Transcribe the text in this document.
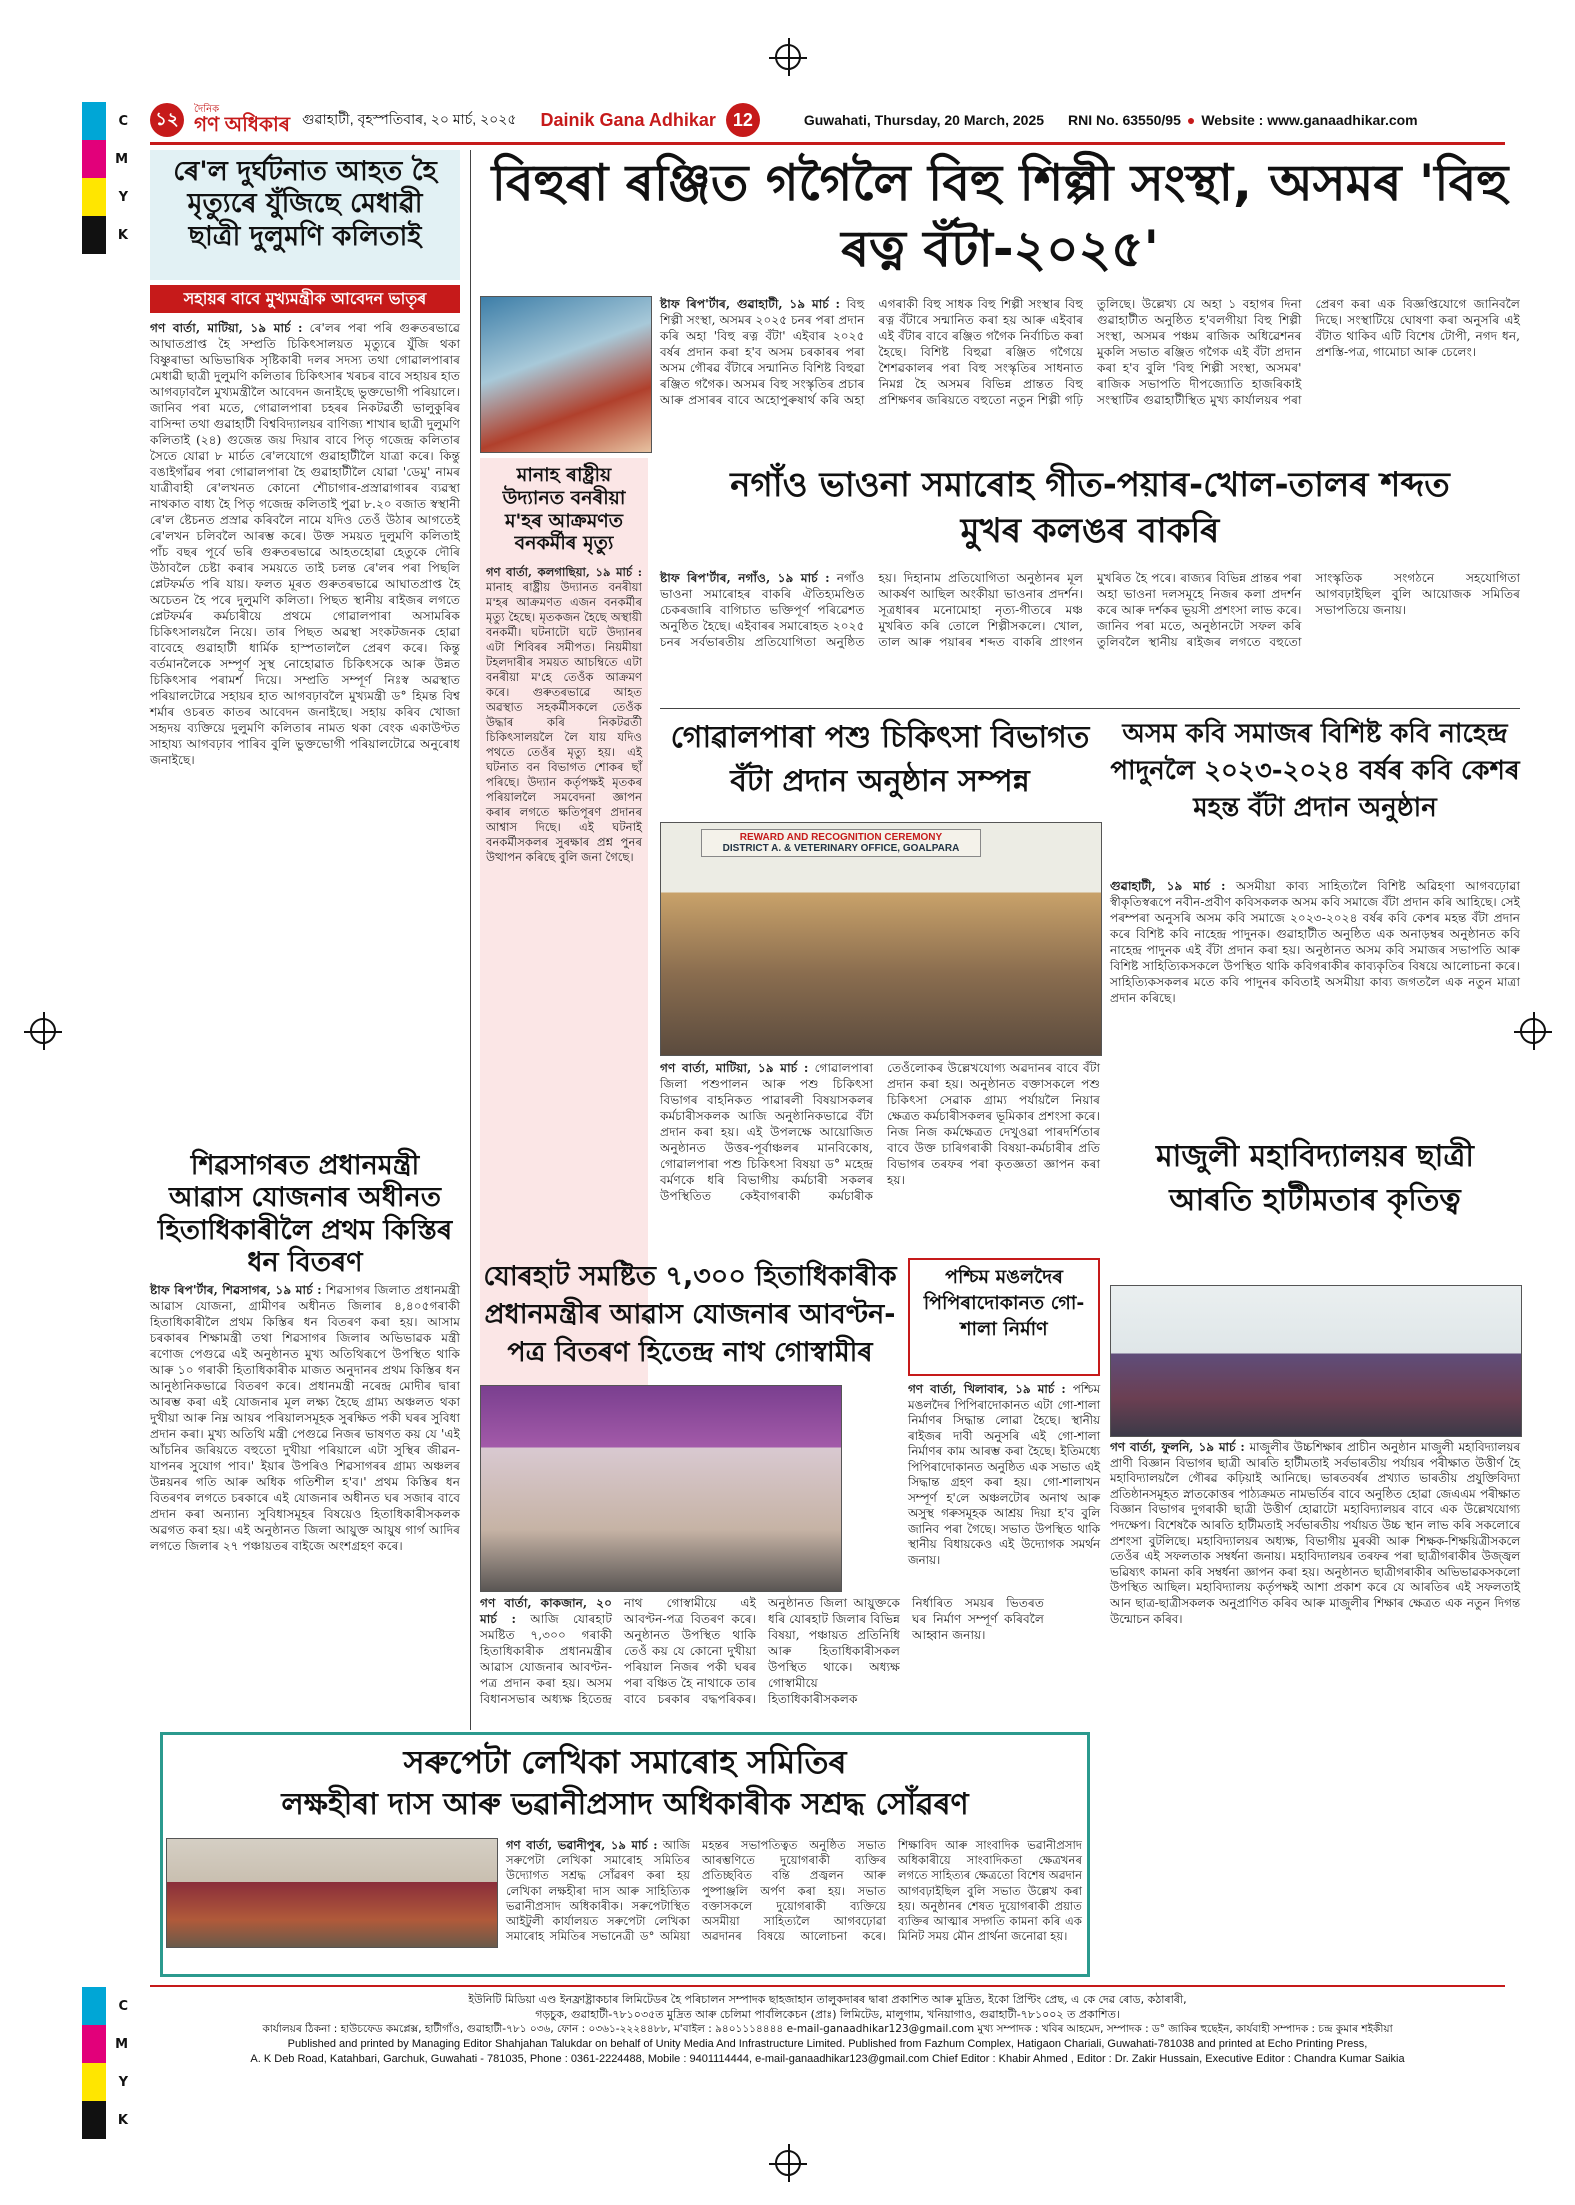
C
M
Y
K
C
M
Y
K
১২	দৈনিক
গণ অধিকাৰ গুৱাহাটী, বৃহস্পতিবাৰ, ২০ মাৰ্চ, ২০২৫ Dainik Gana Adhikar 12	Guwahati, Thursday, 20 March, 2025 RNI No. 63550/95 ● Website : www.ganaadhikar.com
ৰে'ল দুৰ্ঘটনাত আহত হৈ মৃত্যুৰে যুঁজিছে মেধাৱী ছাত্ৰী দুলুমণি কলিতাই
সহায়ৰ বাবে মুখ্যমন্ত্ৰীক আবেদন ভাতৃৰ
গণ বাৰ্তা, মাটিয়া, ১৯ মাৰ্চ : ৰে'লৰ পৰা পৰি গুৰুতৰভাৱে আঘাতপ্ৰাপ্ত হৈ সম্প্ৰতি চিকিৎসালয়ত মৃত্যুৰে যুঁজি থকা বিষ্ণুৰাভা অভিভাষিক সৃষ্টিকাৰী দলৰ সদস্য তথা গোৱালপাৰাৰ মেধাৱী ছাত্ৰী দুলুমণি কলিতাৰ চিকিৎসাৰ খৰচৰ বাবে সহায়ৰ হাত আগবঢ়াবলৈ মুখ্যমন্ত্ৰীলৈ আবেদন জনাইছে ভুক্তভোগী পৰিয়ালে। জানিব পৰা মতে, গোৱালপাৰা চহৰৰ নিকটৱৰ্তী ভালুকুৰিৰ বাসিন্দা তথা গুৱাহাটী বিশ্ববিদ্যালয়ৰ বাণিজ্য শাখাৰ ছাত্ৰী দুলুমণি কলিতাই (২৪) গুজেন্ত জয় দিয়াৰ বাবে পিতৃ গজেন্দ্ৰ কলিতাৰ সৈতে যোৱা ৮ মাৰ্চত ৰে'লযোগে গুৱাহাটীলৈ যাত্ৰা কৰে। কিন্তু বঙাইগাঁৱৰ পৰা গোৱালপাৰা হৈ গুৱাহাটীলৈ যোৱা 'ডেমু' নামৰ যাত্ৰীবাহী ৰে'লখনত কোনো শৌচাগাৰ-প্ৰস্ৰাৱাগাৰৰ ব্যৱস্থা নাথকাত বাধ্য হৈ পিতৃ গজেন্দ্ৰ কলিতাই পুৱা ৮.২০ বজাত স্বস্থানী ৰে'ল ষ্টেচনত প্ৰস্ৰাৱ কৰিবলৈ নামে যদিও তেওঁ উঠাৰ আগতেই ৰে'লখন চলিবলৈ আৰম্ভ কৰে। উক্ত সময়ত দুলুমণি কলিতাই পাঁচ বছৰ পূৰ্বে ভৰি গুৰুতৰভাৱে আহতহোৱা হেতুকে দৌৰি উঠাবলৈ চেষ্টা কৰাৰ সময়তে তাই চলন্ত ৰে'লৰ পৰা পিছলি প্লেটফৰ্মত পৰি যায়। ফলত মূৰত গুৰুতৰভাৱে আঘাতপ্ৰাপ্ত হৈ অচেতন হৈ পৰে দুলুমণি কলিতা। পিছত স্থানীয় ৰাইজৰ লগতে প্লেটফৰ্মৰ কৰ্মচাৰীয়ে প্ৰথমে গোৱালপাৰা অসামৰিক চিকিৎসালয়লৈ নিয়ে। তাৰ পিছত অৱস্থা সংকটজনক হোৱা বাবেহে গুৱাহাটী ধাৰ্মিক হাস্পতাললৈ প্ৰেৰণ কৰে। কিন্তু বৰ্তমানলৈকে সম্পূৰ্ণ সুস্থ নোহোৱাত চিকিৎসকে আৰু উন্নত চিকিৎসাৰ পৰামৰ্শ দিয়ে। সম্প্ৰতি সম্পূৰ্ণ নিঃস্ব অৱস্থাত পৰিয়ালটোৱে সহায়ৰ হাত আগবঢ়াবলৈ মুখ্যমন্ত্ৰী ড° হিমন্ত বিশ্ব শৰ্মাৰ ওচৰত কাতৰ আবেদন জনাইছে। সহায় কৰিব খোজা সহৃদয় ব্যক্তিয়ে দুলুমণি কলিতাৰ নামত থকা বেংক একাউণ্টত সাহায্য আগবঢ়াব পাৰিব বুলি ভুক্তভোগী পৰিয়ালটোৱে অনুৰোধ জনাইছে।
শিৱসাগৰত প্ৰধানমন্ত্ৰী আৱাস যোজনাৰ অধীনত হিতাধিকাৰীলৈ প্ৰথম কিস্তিৰ ধন বিতৰণ
ষ্টাফ ৰিপ'ৰ্টাৰ, শিৱসাগৰ, ১৯ মাৰ্চ : শিৱসাগৰ জিলাত প্ৰধানমন্ত্ৰী আৱাস যোজনা, গ্ৰামীণৰ অধীনত জিলাৰ ৪,৪০৫গৰাকী হিতাধিকাৰীলৈ প্ৰথম কিস্তিৰ ধন বিতৰণ কৰা হয়। আসাম চৰকাৰৰ শিক্ষামন্ত্ৰী তথা শিৱসাগৰ জিলাৰ অভিভাৱক মন্ত্ৰী ৰণোজ পেগুৱে এই অনুষ্ঠানত মুখ্য অতিথিৰূপে উপস্থিত থাকি আৰু ১০ গৰাকী হিতাধিকাৰীক মাজত অনুদানৰ প্ৰথম কিস্তিৰ ধন আনুষ্ঠানিকভাৱে বিতৰণ কৰে। প্ৰধানমন্ত্ৰী নৰেন্দ্ৰ মোদীৰ দ্বাৰা আৰম্ভ কৰা এই যোজনাৰ মূল লক্ষ্য হৈছে গ্ৰাম্য অঞ্চলত থকা দুখীয়া আৰু নিম্ন আয়ৰ পৰিয়ালসমূহক সুৰক্ষিত পকী ঘৰৰ সুবিধা প্ৰদান কৰা। মুখ্য অতিথি মন্ত্ৰী পেগুৱে নিজৰ ভাষণত কয় যে 'এই আঁচনিৰ জৰিয়তে বহুতো দুখীয়া পৰিয়ালে এটা সুস্থিৰ জীৱন-যাপনৰ সুযোগ পাব।' ইয়াৰ উপৰিও শিৱসাগৰৰ গ্ৰাম্য অঞ্চলৰ উন্নয়নৰ গতি আৰু অধিক গতিশীল হ'ব।' প্ৰথম কিস্তিৰ ধন বিতৰণৰ লগতে চৰকাৰে এই যোজনাৰ অধীনত ঘৰ সজাৰ বাবে প্ৰদান কৰা অন্যান্য সুবিধাসমূহৰ বিষয়েও হিতাধিকাৰীসকলক অৱগত কৰা হয়। এই অনুষ্ঠানত জিলা আয়ুক্ত আয়ুষ গাৰ্গ আদিৰ লগতে জিলাৰ ২৭ পঞ্চায়তৰ বাইজে অংশগ্ৰহণ কৰে।
বিহুৰা ৰঞ্জিত গগৈলৈ বিহু শিল্পী সংস্থা, অসমৰ 'বিহু ৰত্ন বঁটা-২০২৫'
ষ্টাফ ৰিপ'ৰ্টাৰ, গুৱাহাটী, ১৯ মাৰ্চ : বিহু শিল্পী সংস্থা, অসমৰ ২০২৫ চনৰ পৰা প্ৰদান কৰি অহা 'বিহু ৰত্ন বঁটা' এইবাৰ ২০২৫ বৰ্ষৰ প্ৰদান কৰা হ'ব অসম চৰকাৰৰ পৰা অসম গৌৰৱ বঁটাৰে সন্মানিত বিশিষ্ট বিহুৱা ৰঞ্জিত গগৈক। অসমৰ বিহু সংস্কৃতিৰ প্ৰচাৰ আৰু প্ৰসাৰৰ বাবে অহোপুৰুষাৰ্থ কৰি অহা এগৰাকী বিহু সাধক বিহু শিল্পী সংস্থাৰ বিহু ৰত্ন বঁটাৰে সন্মানিত কৰা হয় আৰু এইবাৰ এই বঁটাৰ বাবে ৰঞ্জিত গগৈক নিৰ্বাচিত কৰা হৈছে। বিশিষ্ট বিহুৱা ৰঞ্জিত গগৈয়ে শৈশৱকালৰ পৰা বিহু সংস্কৃতিৰ সাধনাত নিমগ্ন হৈ অসমৰ বিভিন্ন প্ৰান্তত বিহু প্ৰশিক্ষণৰ জৰিয়তে বহুতো নতুন শিল্পী গঢ়ি তুলিছে। উল্লেখ্য যে অহা ১ বহাগৰ দিনা গুৱাহাটীত অনুষ্ঠিত হ'বলগীয়া বিহু শিল্পী সংস্থা, অসমৰ পঞ্চম ৰাজিক অধিৱেশনৰ মুকলি সভাত ৰঞ্জিত গগৈক এই বঁটা প্ৰদান কৰা হ'ব বুলি 'বিহু শিল্পী সংস্থা, অসমৰ' ৰাজিক সভাপতি দীপজ্যোতি হাজৰিকাই সংস্থাটিৰ গুৱাহাটীস্থিত মুখ্য কাৰ্যালয়ৰ পৰা প্ৰেৰণ কৰা এক বিজ্ঞপ্তিযোগে জানিবলৈ দিছে। সংস্থাটিয়ে ঘোষণা কৰা অনুসৰি এই বঁটাত থাকিব এটি বিশেষ টোপী, নগদ ধন, প্ৰশস্তি-পত্ৰ, গামোচা আৰু চেলেং।
মানাহ ৰাষ্ট্ৰীয় উদ্যানত বনৰীয়া ম'হৰ আক্ৰমণত বনকৰ্মীৰ মৃত্যু
গণ বাৰ্তা, কলগাছিয়া, ১৯ মাৰ্চ : মানাহ ৰাষ্ট্ৰীয় উদ্যানত বনৰীয়া ম'হৰ আক্ৰমণত এজন বনকৰ্মীৰ মৃত্যু হৈছে। মৃতকজন হৈছে অস্থায়ী বনকৰ্মী। ঘটনাটো ঘটে উদ্যানৰ এটা শিবিৰৰ সমীপত। নিয়মীয়া টহলদাৰীৰ সময়ত আচম্বিতে এটা বনৰীয়া ম'হে তেওঁক আক্ৰমণ কৰে। গুৰুতৰভাৱে আহত অৱস্থাত সহকৰ্মীসকলে তেওঁক উদ্ধাৰ কৰি নিকটৱৰ্তী চিকিৎসালয়লৈ লৈ যায় যদিও পথতে তেওঁৰ মৃত্যু হয়। এই ঘটনাত বন বিভাগত শোকৰ ছাঁ পৰিছে। উদ্যান কৰ্তৃপক্ষই মৃতকৰ পৰিয়াললৈ সমবেদনা জ্ঞাপন কৰাৰ লগতে ক্ষতিপূৰণ প্ৰদানৰ আশ্বাস দিছে। এই ঘটনাই বনকৰ্মীসকলৰ সুৰক্ষাৰ প্ৰশ্ন পুনৰ উত্থাপন কৰিছে বুলি জনা গৈছে।
নগাঁও ভাওনা সমাৰোহ গীত-পয়াৰ-খোল-তালৰ শব্দত মুখৰ কলঙৰ বাকৰি
ষ্টাফ ৰিপ'ৰ্টাৰ, নগাঁও, ১৯ মাৰ্চ : নগাঁও ভাওনা সমাৰোহৰ বাকৰি ঐতিহ্যমণ্ডিত চেকৰজাৰি বাগিচাত ভক্তিপূৰ্ণ পৰিৱেশত অনুষ্ঠিত হৈছে। এইবাৰৰ সমাৰোহত ২০২৫ চনৰ সৰ্বভাৰতীয় প্ৰতিযোগিতা অনুষ্ঠিত হয়। দিহানাম প্ৰতিযোগিতা অনুষ্ঠানৰ মূল আকৰ্ষণ আছিল অংকীয়া ভাওনাৰ প্ৰদৰ্শন। সূত্ৰধাৰৰ মনোমোহা নৃত্য-গীতৰে মঞ্চ মুখৰিত কৰি তোলে শিল্পীসকলে। খোল, তাল আৰু পয়াৰৰ শব্দত বাকৰি প্ৰাংগন মুখৰিত হৈ পৰে। ৰাজ্যৰ বিভিন্ন প্ৰান্তৰ পৰা অহা ভাওনা দলসমূহে নিজৰ কলা প্ৰদৰ্শন কৰে আৰু দৰ্শকৰ ভূয়সী প্ৰশংসা লাভ কৰে। জানিব পৰা মতে, অনুষ্ঠানটো সফল কৰি তুলিবলৈ স্থানীয় ৰাইজৰ লগতে বহুতো সাংস্কৃতিক সংগঠনে সহযোগিতা আগবঢ়াইছিল বুলি আয়োজক সমিতিৰ সভাপতিয়ে জনায়।
গোৱালপাৰা পশু চিকিৎসা বিভাগত বঁটা প্ৰদান অনুষ্ঠান সম্পন্ন
REWARD AND RECOGNITION CEREMONY
DISTRICT A. & VETERINARY OFFICE, GOALPARA
গণ বাৰ্তা, মাটিয়া, ১৯ মাৰ্চ : গোৱালপাৰা জিলা পশুপালন আৰু পশু চিকিৎসা বিভাগৰ বাহনিকত পাৱাৰলী বিষয়াসকলৰ কৰ্মচাৰীসকলক আজি অনুষ্ঠানিকভাৱে বঁটা প্ৰদান কৰা হয়। এই উপলক্ষে আয়োজিত অনুষ্ঠানত উত্তৰ-পূৰ্বাঞ্চলৰ মানবিকোষ, গোৱালপাৰা পশু চিকিৎসা বিষয়া ড° মহেন্দ্ৰ বৰ্মণকে ধৰি বিভাগীয় কৰ্মচাৰী সকলৰ উপস্থিতিত কেইবাগৰাকী কৰ্মচাৰীক তেওঁলোকৰ উল্লেখযোগ্য অৱদানৰ বাবে বঁটা প্ৰদান কৰা হয়। অনুষ্ঠানত বক্তাসকলে পশু চিকিৎসা সেৱাক গ্ৰাম্য পৰ্যায়লৈ নিয়াৰ ক্ষেত্ৰত কৰ্মচাৰীসকলৰ ভূমিকাৰ প্ৰশংসা কৰে। নিজ নিজ কৰ্মক্ষেত্ৰত দেখুওৱা পাৰদৰ্শিতাৰ বাবে উক্ত চাৰিগৰাকী বিষয়া-কৰ্মচাৰীৰ প্ৰতি বিভাগৰ তৰফৰ পৰা কৃতজ্ঞতা জ্ঞাপন কৰা হয়।
অসম কবি সমাজৰ বিশিষ্ট কবি নাহেন্দ্ৰ পাদুনলৈ ২০২৩-২০২৪ বৰ্ষৰ কবি কেশৰ মহন্ত বঁটা প্ৰদান অনুষ্ঠান
গুৱাহাটী, ১৯ মাৰ্চ : অসমীয়া কাব্য সাহিত্যলৈ বিশিষ্ট অৱিহণা আগবঢ়োৱা স্বীকৃতিস্বৰূপে নবীন-প্ৰবীণ কবিসকলক অসম কবি সমাজে বঁটা প্ৰদান কৰি আহিছে। সেই পৰম্পৰা অনুসৰি অসম কবি সমাজে ২০২৩-২০২৪ বৰ্ষৰ কবি কেশৰ মহন্ত বঁটা প্ৰদান কৰে বিশিষ্ট কবি নাহেন্দ্ৰ পাদুনক। গুৱাহাটীত অনুষ্ঠিত এক অনাড়ম্বৰ অনুষ্ঠানত কবি নাহেন্দ্ৰ পাদুনক এই বঁটা প্ৰদান কৰা হয়। অনুষ্ঠানত অসম কবি সমাজৰ সভাপতি আৰু বিশিষ্ট সাহিত্যিকসকলে উপস্থিত থাকি কবিগৰাকীৰ কাব্যকৃতিৰ বিষয়ে আলোচনা কৰে। সাহিত্যিকসকলৰ মতে কবি পাদুনৰ কবিতাই অসমীয়া কাব্য জগতলৈ এক নতুন মাত্ৰা প্ৰদান কৰিছে।
মাজুলী মহাবিদ্যালয়ৰ ছাত্ৰী আৰতি হাটীমতাৰ কৃতিত্ব
গণ বাৰ্তা, ফুলনি, ১৯ মাৰ্চ : মাজুলীৰ উচ্চশিক্ষাৰ প্ৰাচীন অনুষ্ঠান মাজুলী মহাবিদ্যালয়ৰ প্ৰাণী বিজ্ঞান বিভাগৰ ছাত্ৰী আৰতি হাটীমতাই সৰ্বভাৰতীয় পৰ্যায়ৰ পৰীক্ষাত উত্তীৰ্ণ হৈ মহাবিদ্যালয়লৈ গৌৰৱ কঢ়িয়াই আনিছে। ভাৰতবৰ্ষৰ প্ৰখ্যাত ভাৰতীয় প্ৰযুক্তিবিদ্যা প্ৰতিষ্ঠানসমূহত স্নাতকোত্তৰ পাঠ্যক্ৰমত নামভৰ্তিৰ বাবে অনুষ্ঠিত হোৱা জেএএম পৰীক্ষাত বিজ্ঞান বিভাগৰ দুগৰাকী ছাত্ৰী উত্তীৰ্ণ হোৱাটো মহাবিদ্যালয়ৰ বাবে এক উল্লেখযোগ্য পদক্ষেপ। বিশেষকৈ আৰতি হাটীমতাই সৰ্বভাৰতীয় পৰ্যায়ত উচ্চ স্থান লাভ কৰি সকলোৰে প্ৰশংসা বুটলিছে। মহাবিদ্যালয়ৰ অধ্যক্ষ, বিভাগীয় মুৰব্বী আৰু শিক্ষক-শিক্ষয়িত্ৰীসকলে তেওঁৰ এই সফলতাক সম্বৰ্ধনা জনায়। মহাবিদ্যালয়ৰ তৰফৰ পৰা ছাত্ৰীগৰাকীৰ উজ্জ্বল ভৱিষ্যৎ কামনা কৰি সম্বৰ্ধনা জ্ঞাপন কৰা হয়। অনুষ্ঠানত ছাত্ৰীগৰাকীৰ অভিভাৱকসকলো উপস্থিত আছিল। মহাবিদ্যালয় কৰ্তৃপক্ষই আশা প্ৰকাশ কৰে যে আৰতিৰ এই সফলতাই আন ছাত্ৰ-ছাত্ৰীসকলক অনুপ্ৰাণিত কৰিব আৰু মাজুলীৰ শিক্ষাৰ ক্ষেত্ৰত এক নতুন দিগন্ত উন্মোচন কৰিব।
যোৰহাট সমষ্টিত ৭,৩০০ হিতাধিকাৰীক প্ৰধানমন্ত্ৰীৰ আৱাস যোজনাৰ আবণ্টন-পত্ৰ বিতৰণ হিতেন্দ্ৰ নাথ গোস্বামীৰ
গণ বাৰ্তা, কাকজান, ২০ মাৰ্চ : আজি যোৰহাট সমষ্টিত ৭,৩০০ গৰাকী হিতাধিকাৰীক প্ৰধানমন্ত্ৰীৰ আৱাস যোজনাৰ আবণ্টন-পত্ৰ প্ৰদান কৰা হয়। অসম বিধানসভাৰ অধ্যক্ষ হিতেন্দ্ৰ নাথ গোস্বামীয়ে এই আবণ্টন-পত্ৰ বিতৰণ কৰে। অনুষ্ঠানত উপস্থিত থাকি তেওঁ কয় যে কোনো দুখীয়া পৰিয়াল নিজৰ পকী ঘৰৰ পৰা বঞ্চিত হৈ নাথাকে তাৰ বাবে চৰকাৰ বদ্ধপৰিকৰ। অনুষ্ঠানত জিলা আয়ুক্তকে ধৰি যোৰহাট জিলাৰ বিভিন্ন বিষয়া, পঞ্চায়ত প্ৰতিনিধি আৰু হিতাধিকাৰীসকল উপস্থিত থাকে। অধ্যক্ষ গোস্বামীয়ে হিতাধিকাৰীসকলক নিৰ্ধাৰিত সময়ৰ ভিতৰত ঘৰ নিৰ্মাণ সম্পূৰ্ণ কৰিবলৈ আহ্বান জনায়।
পশ্চিম মঙলদৈৰ পিপিৰাদোকানত গো-শালা নিৰ্মাণ
গণ বাৰ্তা, খিলাবাৰ, ১৯ মাৰ্চ : পশ্চিম মঙলদৈৰ পিপিৰাদোকানত এটা গো-শালা নিৰ্মাণৰ সিদ্ধান্ত লোৱা হৈছে। স্থানীয় ৰাইজৰ দাবী অনুসৰি এই গো-শালা নিৰ্মাণৰ কাম আৰম্ভ কৰা হৈছে। ইতিমধ্যে পিপিৰাদোকানত অনুষ্ঠিত এক সভাত এই সিদ্ধান্ত গ্ৰহণ কৰা হয়। গো-শালাখন সম্পূৰ্ণ হ'লে অঞ্চলটোৰ অনাথ আৰু অসুস্থ গৰুসমূহক আশ্ৰয় দিয়া হ'ব বুলি জানিব পৰা গৈছে। সভাত উপস্থিত থাকি স্থানীয় বিধায়কেও এই উদ্যোগক সমৰ্থন জনায়।
সৰুপেটা লেখিকা সমাৰোহ সমিতিৰ
লক্ষহীৰা দাস আৰু ভৱানীপ্ৰসাদ অধিকাৰীক সশ্ৰদ্ধ সোঁৱৰণ
গণ বাৰ্তা, ভৱানীপুৰ, ১৯ মাৰ্চ : আজি সৰুপেটা লেখিকা সমাৰোহ সমিতিৰ উদ্যোগত সশ্ৰদ্ধ সোঁৱৰণ কৰা হয় লেখিকা লক্ষহীৰা দাস আৰু সাহিত্যিক ভৱানীপ্ৰসাদ অধিকাৰীক। সৰুপেটাস্থিত আইটুলী কাৰ্যালয়ত সৰুপেটা লেখিকা সমাৰোহ সমিতিৰ সভানেত্ৰী ড° অমিয়া মহন্তৰ সভাপতিত্বত অনুষ্ঠিত সভাত আৰম্ভণিতে দুয়োগৰাকী ব্যক্তিৰ প্ৰতিচ্ছবিত বন্তি প্ৰজ্বলন আৰু পুষ্পাঞ্জলি অৰ্পণ কৰা হয়। সভাত বক্তাসকলে দুয়োগৰাকী ব্যক্তিয়ে অসমীয়া সাহিত্যলৈ আগবঢ়োৱা অৱদানৰ বিষয়ে আলোচনা কৰে। শিক্ষাবিদ আৰু সাংবাদিক ভৱানীপ্ৰসাদ অধিকাৰীয়ে সাংবাদিকতা ক্ষেত্ৰখনৰ লগতে সাহিত্যৰ ক্ষেত্ৰতো বিশেষ অৱদান আগবঢ়াইছিল বুলি সভাত উল্লেখ কৰা হয়। অনুষ্ঠানৰ শেষত দুয়োগৰাকী প্ৰয়াত ব্যক্তিৰ আত্মাৰ সদ্গতি কামনা কৰি এক মিনিট সময় মৌন প্ৰাৰ্থনা জনোৱা হয়।
ইউনিটি মিডিয়া এণ্ড ইনফ্ৰাষ্ট্ৰাকচাৰ লিমিটেডৰ হৈ পৰিচালন সম্পাদক ছাহজাহান তালুকদাৰৰ দ্বাৰা প্ৰকাশিত আৰু মুদ্ৰিত, ইকো প্ৰিণ্টিং প্ৰেছ, এ কে দেৱ ৰোড, কঠাৰাৰী,
গড়চুক, গুৱাহাটী-৭৮১০৩৫ত মুদ্ৰিত আৰু চেলিমা পাৰ্বলিকেচন (প্ৰাঃ) লিমিটেড, মালুগাম, খনিয়াগাও, গুৱাহাটী-৭৮১০০২ ত প্ৰকাশিত।
কাৰ্যালয়ৰ ঠিকনা : হাউচফেড কমপ্লেক্স, হাটীগাঁও, গুৱাহাটী-৭৮১ ০৩৬, ফোন : ০৩৬১-২২২৪৪৮৮, ম'বাইল : ৯৪০১১১৪৪৪৪ e-mail-ganaadhikar123@gmail.com মুখ্য সম্পাদক : খবিৰ আহমেদ, সম্পাদক : ড° জাকিৰ হুছেইন, কাৰ্যবাহী সম্পাদক : চন্দ্ৰ কুমাৰ শইকীয়া
Published and printed by Managing Editor Shahjahan Talukdar on behalf of Unity Media And Infrastructure Limited. Published from Fazhum Complex, Hatigaon Chariali, Guwahati-781038 and printed at Echo Printing Press,
A. K Deb Road, Katahbari, Garchuk, Guwahati - 781035, Phone : 0361-2224488, Mobile : 9401114444, e-mail-ganaadhikar123@gmail.com Chief Editor : Khabir Ahmed , Editor : Dr. Zakir Hussain, Executive Editor : Chandra Kumar Saikia
